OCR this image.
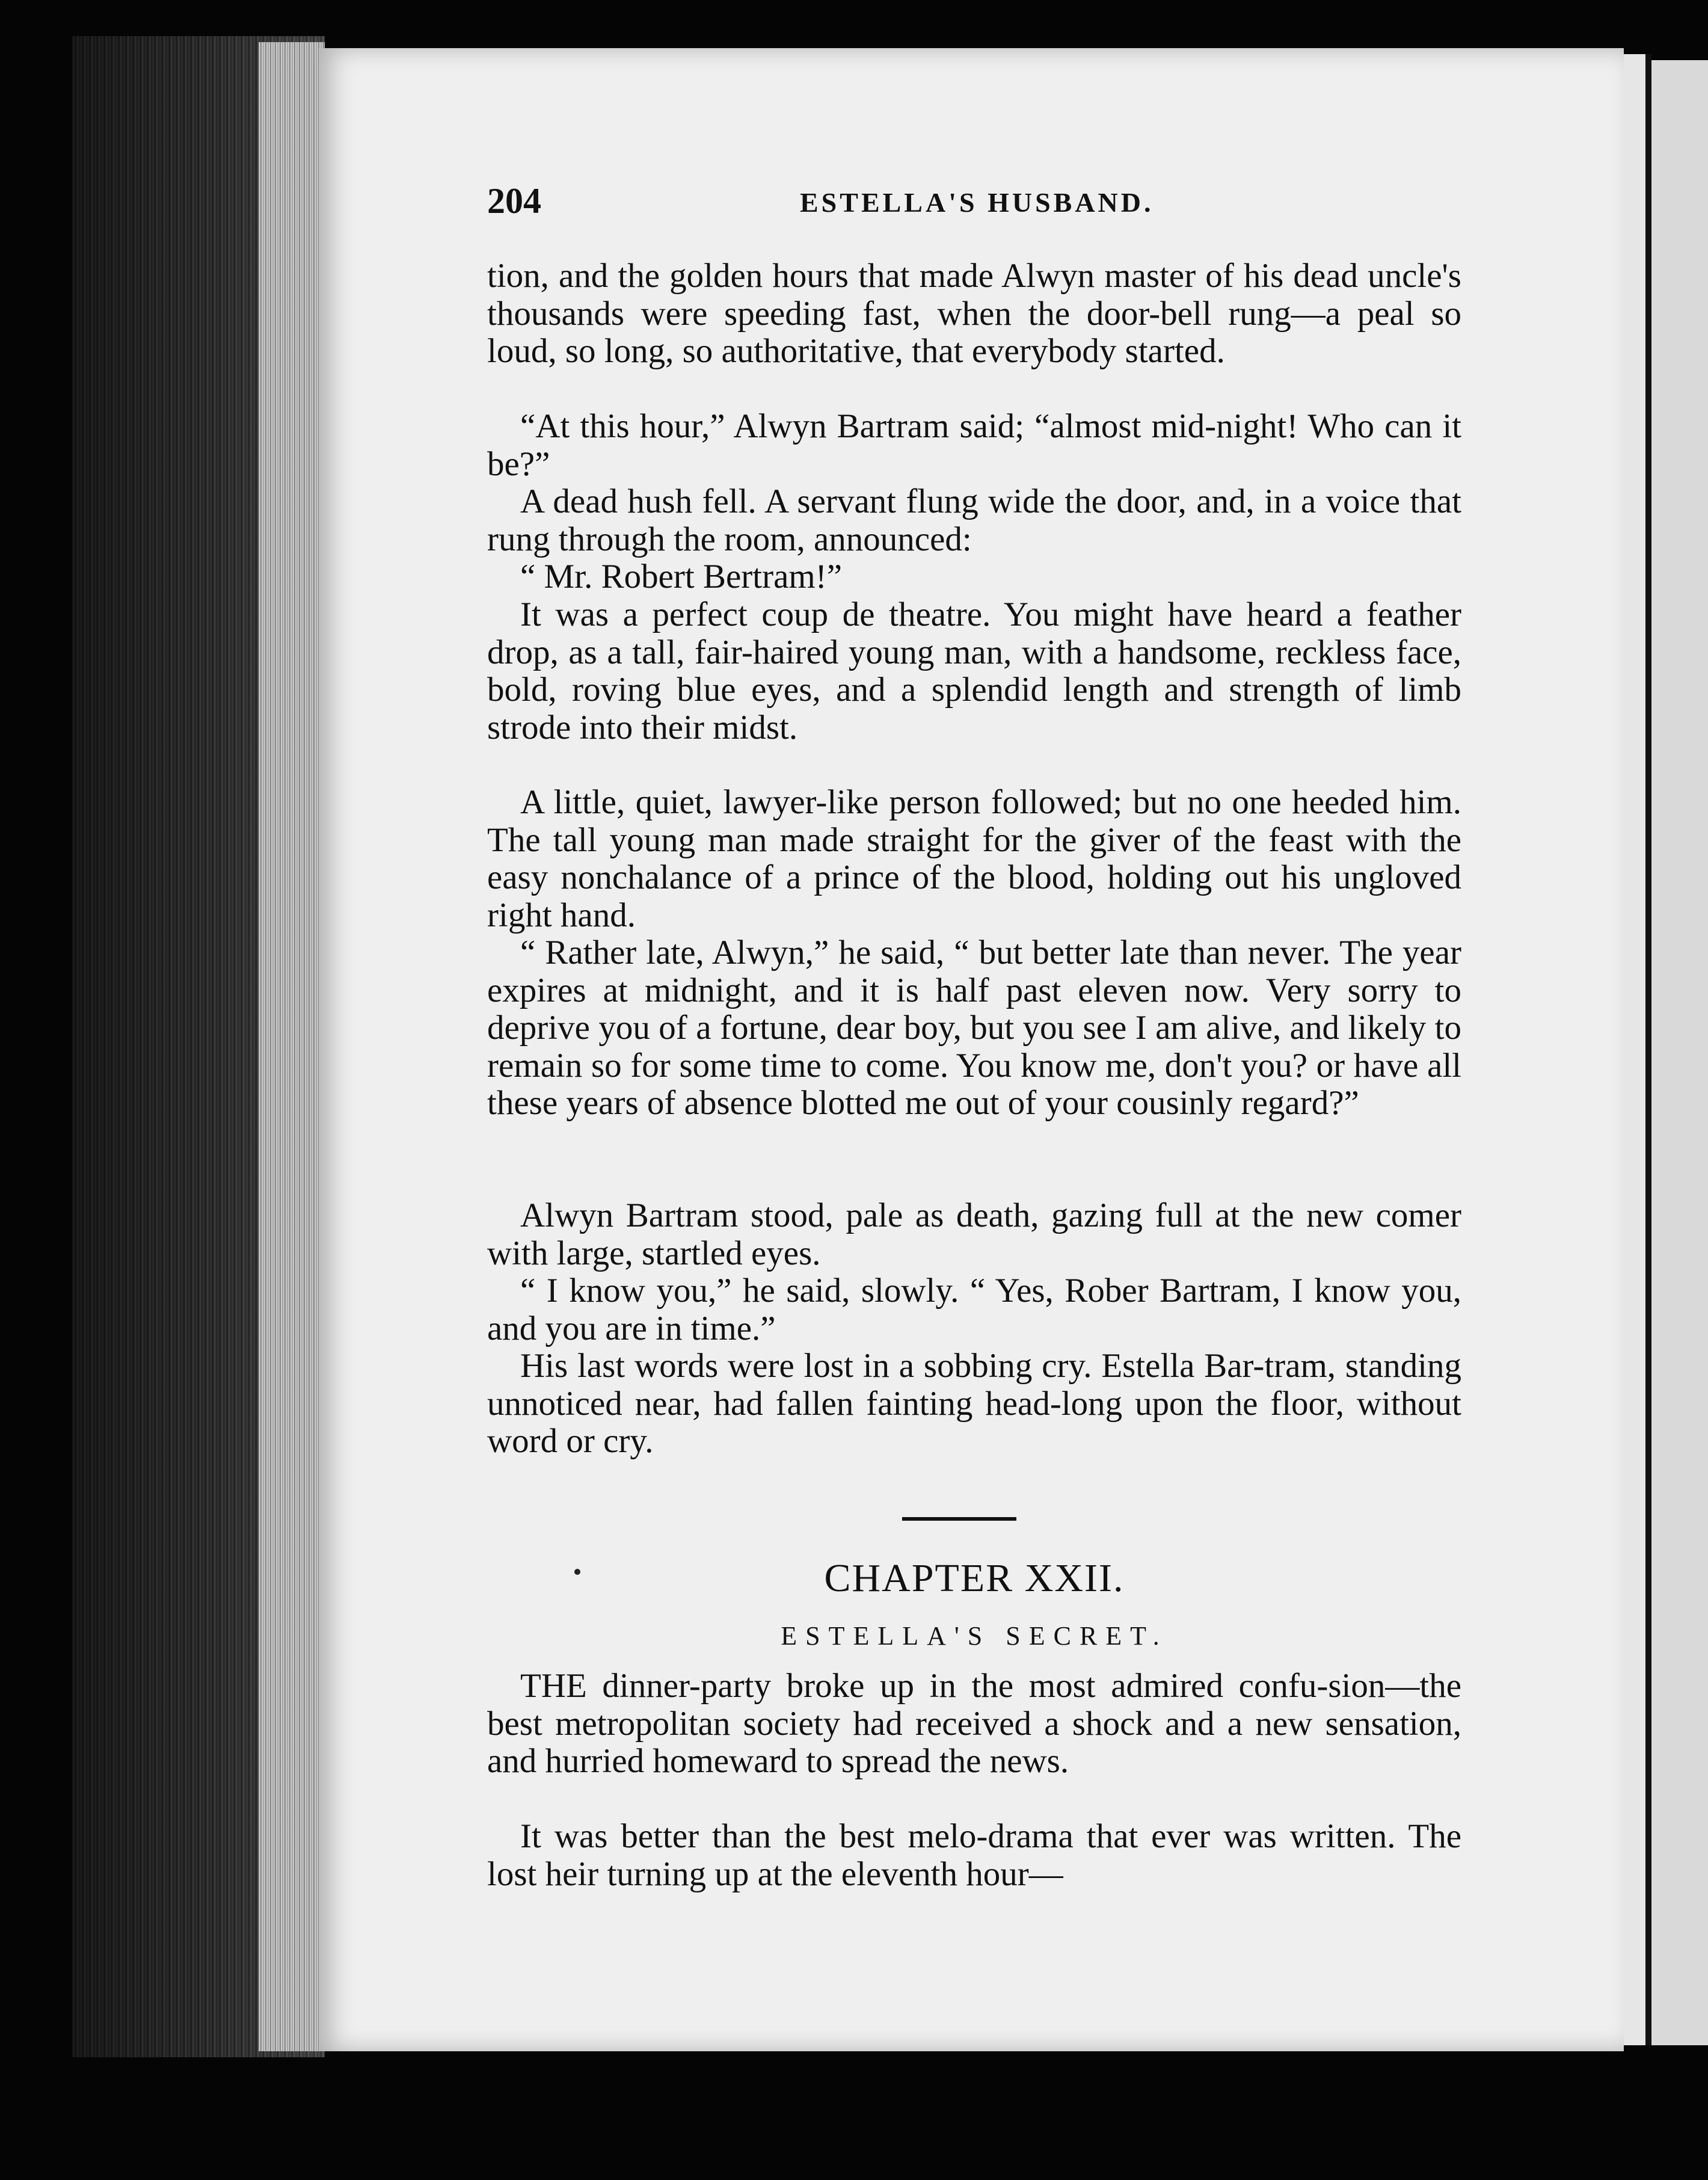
204	ESTELLA'S HUSBAND.

tion, and the golden hours that made Alwyn master of his dead uncle's thousands were speeding fast, when the door-bell rung—a peal so loud, so long, so authoritative, that everybody started.

“At this hour,” Alwyn Bartram said; “almost mid-night! Who can it be?”

A dead hush fell. A servant flung wide the door, and, in a voice that rung through the room, announced:

“ Mr. Robert Bertram!”

It was a perfect coup de theatre. You might have heard a feather drop, as a tall, fair-haired young man, with a handsome, reckless face, bold, roving blue eyes, and a splendid length and strength of limb strode into their midst.

A little, quiet, lawyer-like person followed; but no one heeded him. The tall young man made straight for the giver of the feast with the easy nonchalance of a prince of the blood, holding out his ungloved right hand.

“ Rather late, Alwyn,” he said, “ but better late than never. The year expires at midnight, and it is half past eleven now. Very sorry to deprive you of a fortune, dear boy, but you see I am alive, and likely to remain so for some time to come. You know me, don't you? or have all these years of absence blotted me out of your cousinly regard?”

Alwyn Bartram stood, pale as death, gazing full at the new comer with large, startled eyes.

“ I know you,” he said, slowly. “ Yes, Rober Bartram, I know you, and you are in time.”

His last words were lost in a sobbing cry. Estella Bar-tram, standing unnoticed near, had fallen fainting head-long upon the floor, without word or cry.

CHAPTER XXII.
ESTELLA'S SECRET.

THE dinner-party broke up in the most admired confu-sion—the best metropolitan society had received a shock and a new sensation, and hurried homeward to spread the news.

It was better than the best melo-drama that ever was written. The lost heir turning up at the eleventh hour—
